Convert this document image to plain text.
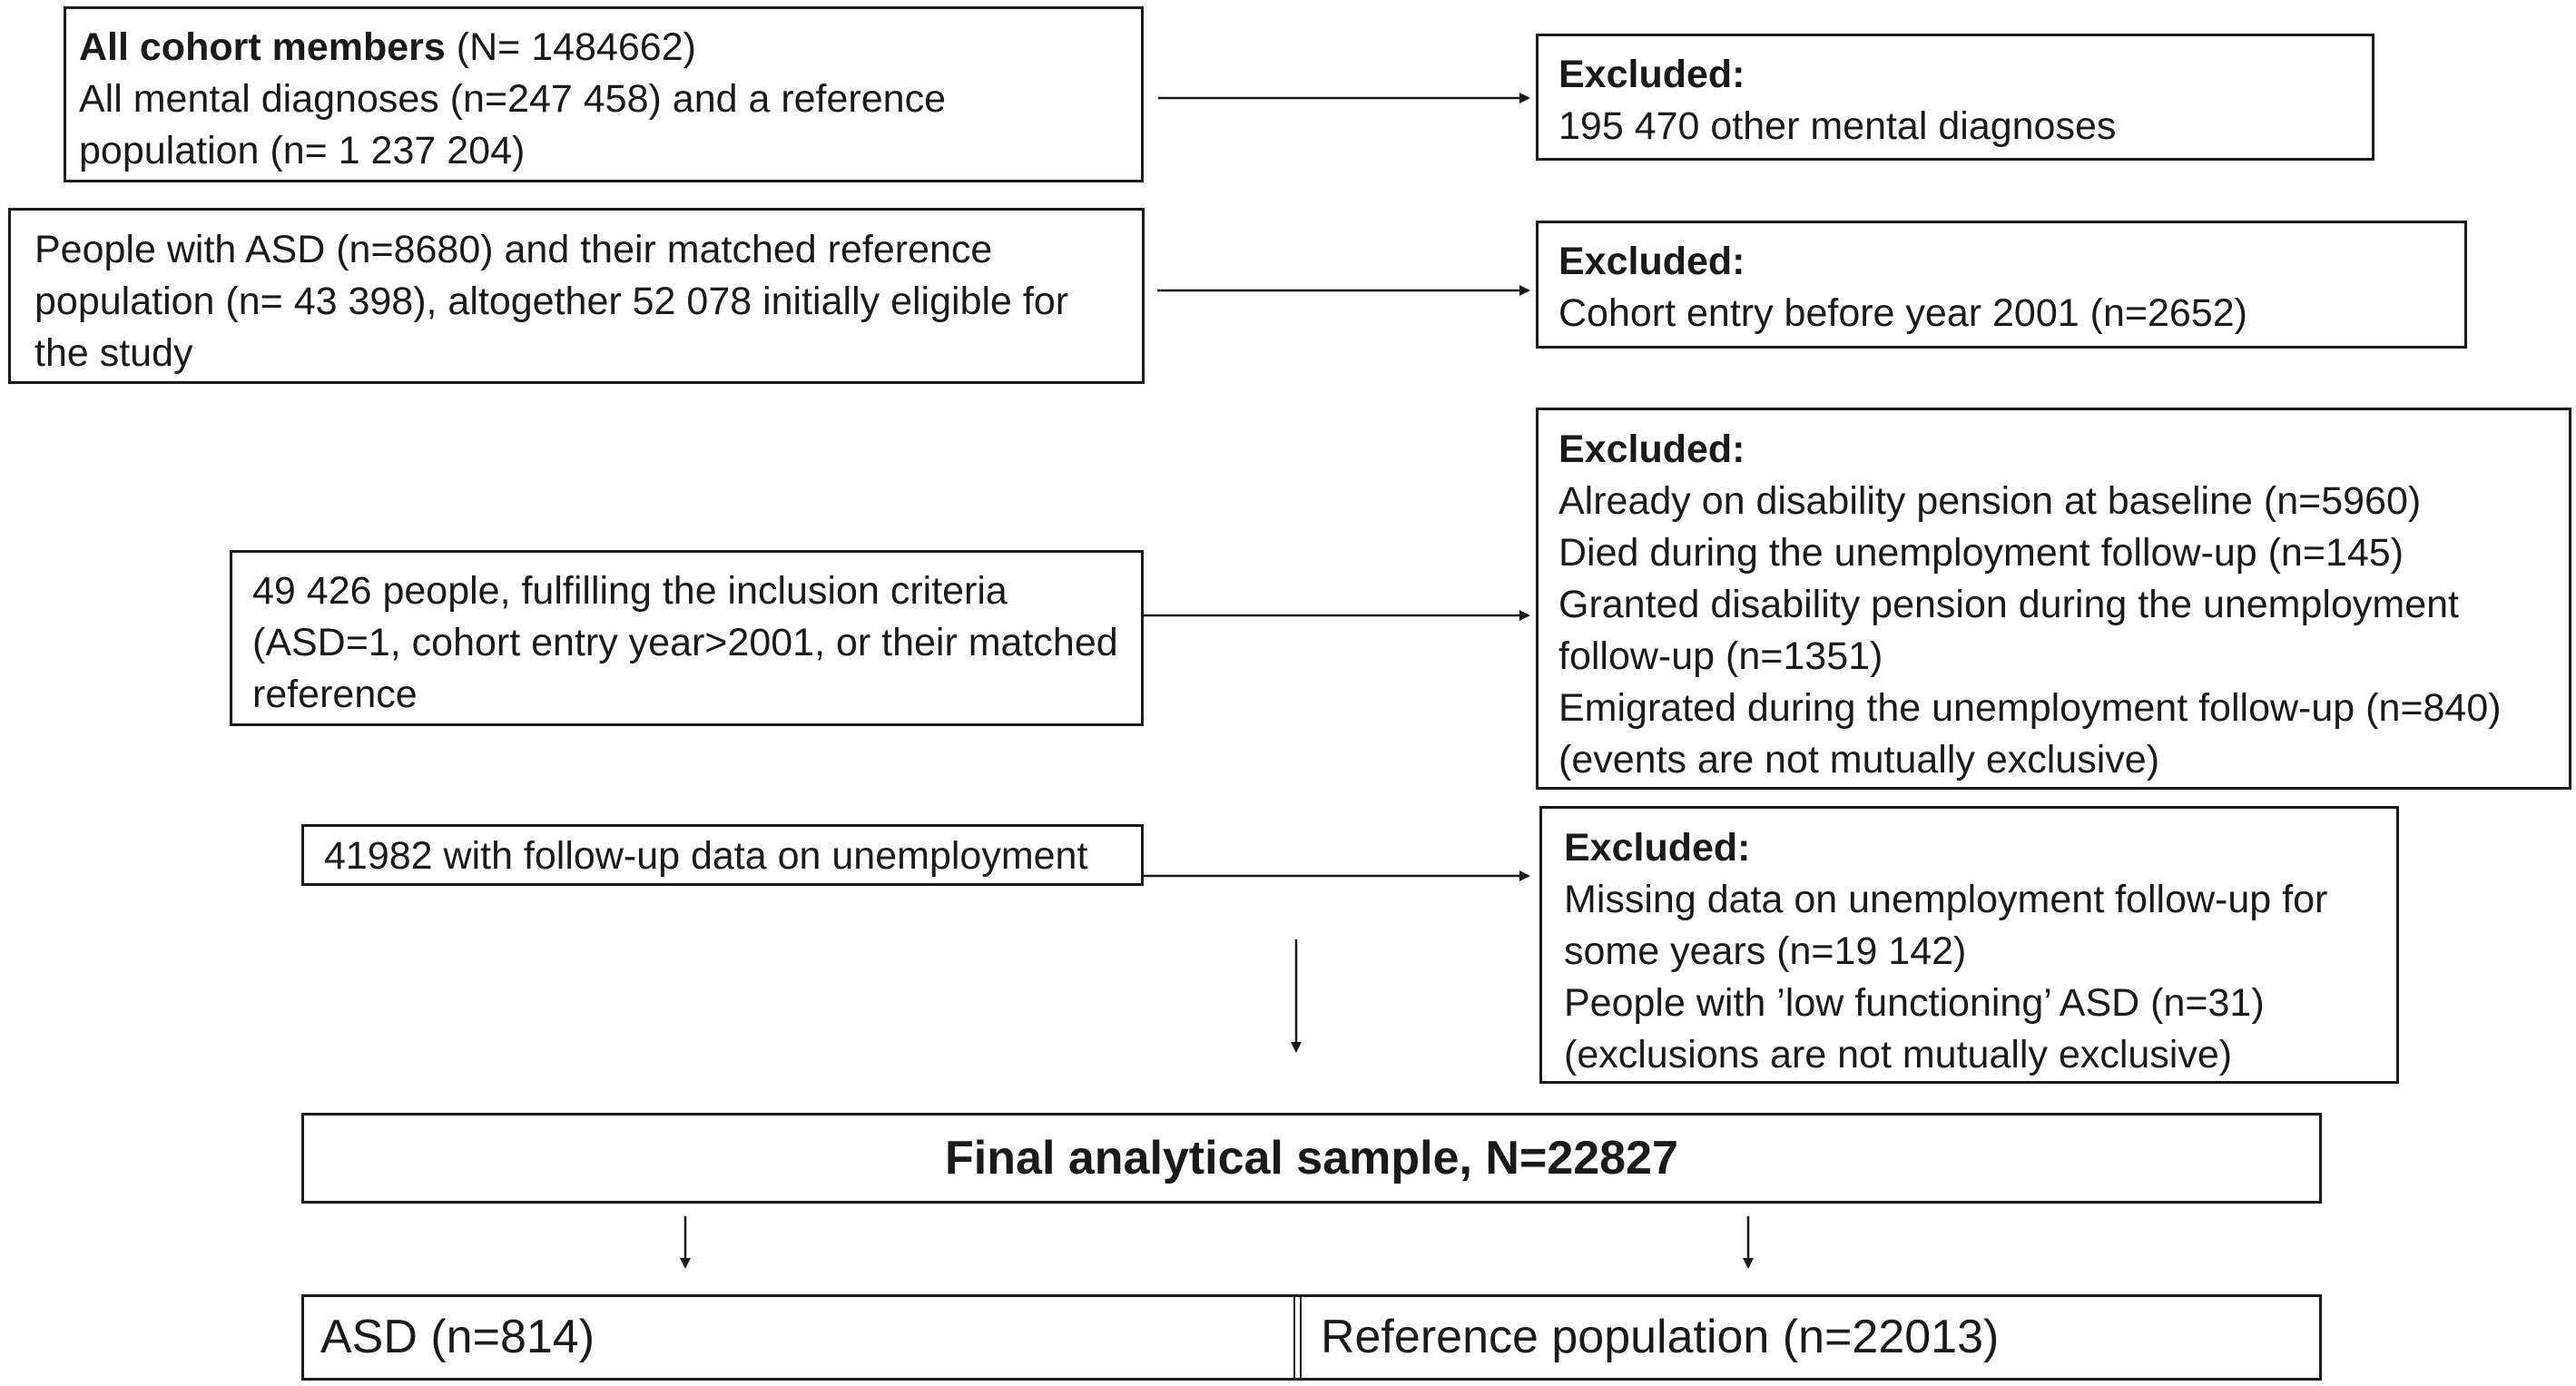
All cohort members (N= 1484662)
All mental diagnoses (n=247 458) and a reference
population (n= 1 237 204)
Excluded:
195 470 other mental diagnoses
People with ASD (n=8680) and their matched reference
population (n= 43 398), altogether 52 078 initially eligible for
the study
Excluded:
Cohort entry before year 2001 (n=2652)
49 426 people, fulfilling the inclusion criteria
(ASD=1, cohort entry year>2001, or their matched
reference
Excluded:
Already on disability pension at baseline (n=5960)
Died during the unemployment follow-up (n=145)
Granted disability pension during the unemployment
follow-up (n=1351)
Emigrated during the unemployment follow-up (n=840)
(events are not mutually exclusive)
41982 with follow-up data on unemployment	Excluded:
Missing data on unemployment follow-up for
some years (n=19 142)
People with ’low functioning’ ASD (n=31)
(exclusions are not mutually exclusive)
Final analytical sample, N=22827
ASD (n=814)	Reference population (n=22013)
